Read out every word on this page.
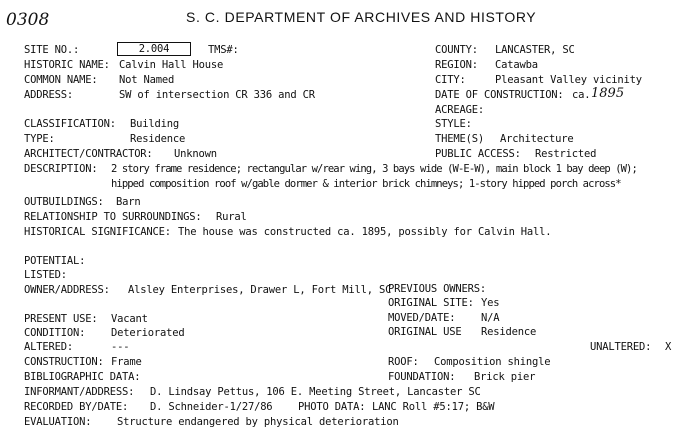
0308	S. C. DEPARTMENT OF ARCHIVES AND HISTORY
SITE NO.:	2.004	TMS#:
HISTORIC NAME: Calvin Hall House
COMMON NAME: Not Named
ADDRESS:	SW of intersection CR 336 and CR
COUNTY: LANCASTER, SC
REGION: Catawba
CITY:	Pleasant Valley vicinity
DATE OF CONSTRUCTION: ca. 1895
ACREAGE:
CLASSIFICATION: Building
TYPE:	Residence
ARCHITECT/CONTRACTOR: Unknown
STYLE:
THEME(S) Architecture
PUBLIC ACCESS: Restricted
DESCRIPTION: 2 story frame residence; rectangular w/rear wing, 3 bays wide (W-E-W), main block 1 bay deep (W);
hipped composition roof w/gable dormer & interior brick chimneys; 1-story hipped porch across*
OUTBUILDINGS: Barn
RELATIONSHIP TO SURROUNDINGS: Rural
HISTORICAL SIGNIFICANCE: The house was constructed ca. 1895, possibly for Calvin Hall.
POTENTIAL:
LISTED:
OWNER/ADDRESS: Alsley Enterprises, Drawer L, Fort Mill, SC
PREVIOUS OWNERS:
ORIGINAL SITE: Yes
PRESENT USE: Vacant	MOVED/DATE: N/A
CONDITION: Deteriorated	ORIGINAL USE Residence
ALTERED:	---	UNALTERED: X
CONSTRUCTION: Frame	ROOF: Composition shingle
BIBLIOGRAPHIC DATA:	FOUNDATION: Brick pier
INFORMANT/ADDRESS: D. Lindsay Pettus, 106 E. Meeting Street, Lancaster SC
RECORDED BY/DATE: D. Schneider-1/27/86 PHOTO DATA: LANC Roll #5:17; B&W
EVALUATION: Structure endangered by physical deterioration
